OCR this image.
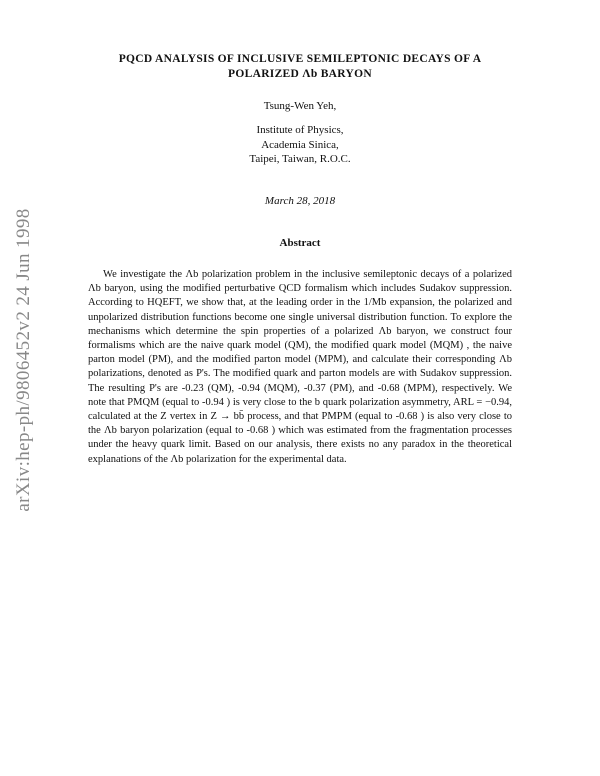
arXiv:hep-ph/9806452v2 24 Jun 1998
PQCD ANALYSIS OF INCLUSIVE SEMILEPTONIC DECAYS OF A
POLARIZED Λb BARYON

Tsung-Wen Yeh,

Institute of Physics,
Academia Sinica,
Taipei, Taiwan, R.O.C.

March 28, 2018

Abstract

We investigate the Λb polarization problem in the inclusive semileptonic decays of a polarized Λb baryon, using the modified perturbative QCD formalism which includes Sudakov suppression. According to HQEFT, we show that, at the leading order in the 1/Mb expansion, the polarized and unpolarized distribution functions become one single universal distribution function. To explore the mechanisms which determine the spin properties of a polarized Λb baryon, we construct four formalisms which are the naive quark model (QM), the modified quark model (MQM) , the naive parton model (PM), and the modified parton model (MPM), and calculate their corresponding Λb polarizations, denoted as P's. The modified quark and parton models are with Sudakov suppression. The resulting P's are -0.23 (QM), -0.94 (MQM), -0.37 (PM), and -0.68 (MPM), respectively. We note that PMQM (equal to -0.94 ) is very close to the b quark polarization asymmetry, ARL = −0.94, calculated at the Z vertex in Z → bb̄ process, and that PMPM (equal to -0.68 ) is also very close to the Λb baryon polarization (equal to -0.68 ) which was estimated from the fragmentation processes under the heavy quark limit. Based on our analysis, there exists no any paradox in the theoretical explanations of the Λb polarization for the experimental data.
